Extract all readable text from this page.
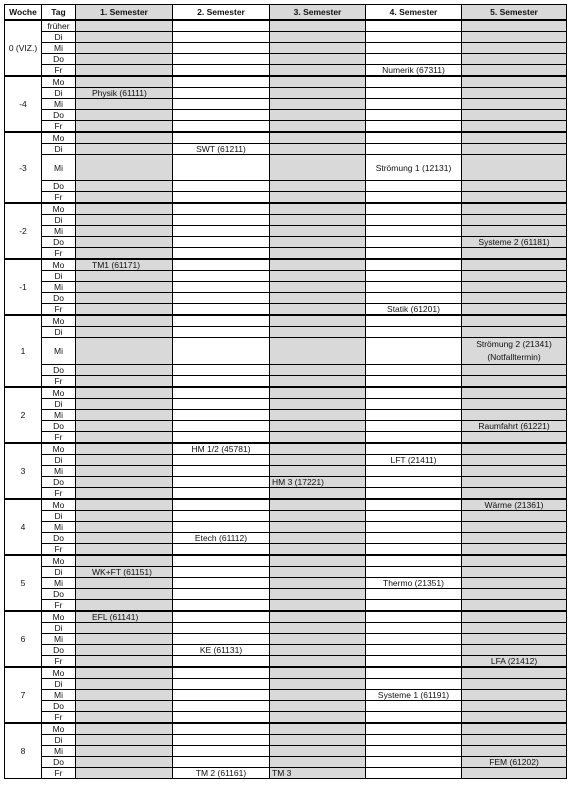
Woche	Tag	1. Semester	2. Semester	3. Semester	4. Semester	5. Semester
0 (VIZ.)	früher					
	Di					
	Mi					
	Do					
	Fr				Numerik (67311)	
-4	Mo					
	Di	Physik (61111)				
	Mi					
	Do					
	Fr					
-3	Mo					
	Di		SWT (61211)			
	Mi				Strömung 1 (12131)	
	Do					
	Fr					
-2	Mo					
	Di					
	Mi					
	Do					Systeme 2 (61181)
	Fr					
-1	Mo	TM1 (61171)				
	Di					
	Mi					
	Do					
	Fr				Statik (61201)	
1	Mo					
	Di					
	Mi					Strömung 2 (21341)
(Notfalltermin)
	Do					
	Fr					
2	Mo					
	Di					
	Mi					
	Do					Raumfahrt (61221)
	Fr					
3	Mo		HM 1/2 (45781)			
	Di				LFT (21411)	
	Mi					
	Do			HM 3 (17221)		
	Fr					
4	Mo					Wärme (21361)
	Di					
	Mi					
	Do		Etech (61112)			
	Fr					
5	Mo					
	Di	WK+FT (61151)				
	Mi				Thermo (21351)	
	Do					
	Fr					
6	Mo	EFL (61141)				
	Di					
	Mi					
	Do		KE (61131)			
	Fr					LFA (21412)
7	Mo					
	Di					
	Mi				Systeme 1 (61191)	
	Do					
	Fr					
8	Mo					
	Di					
	Mi					
	Do					FEM (61202)
	Fr		TM 2 (61161)	TM 3		
